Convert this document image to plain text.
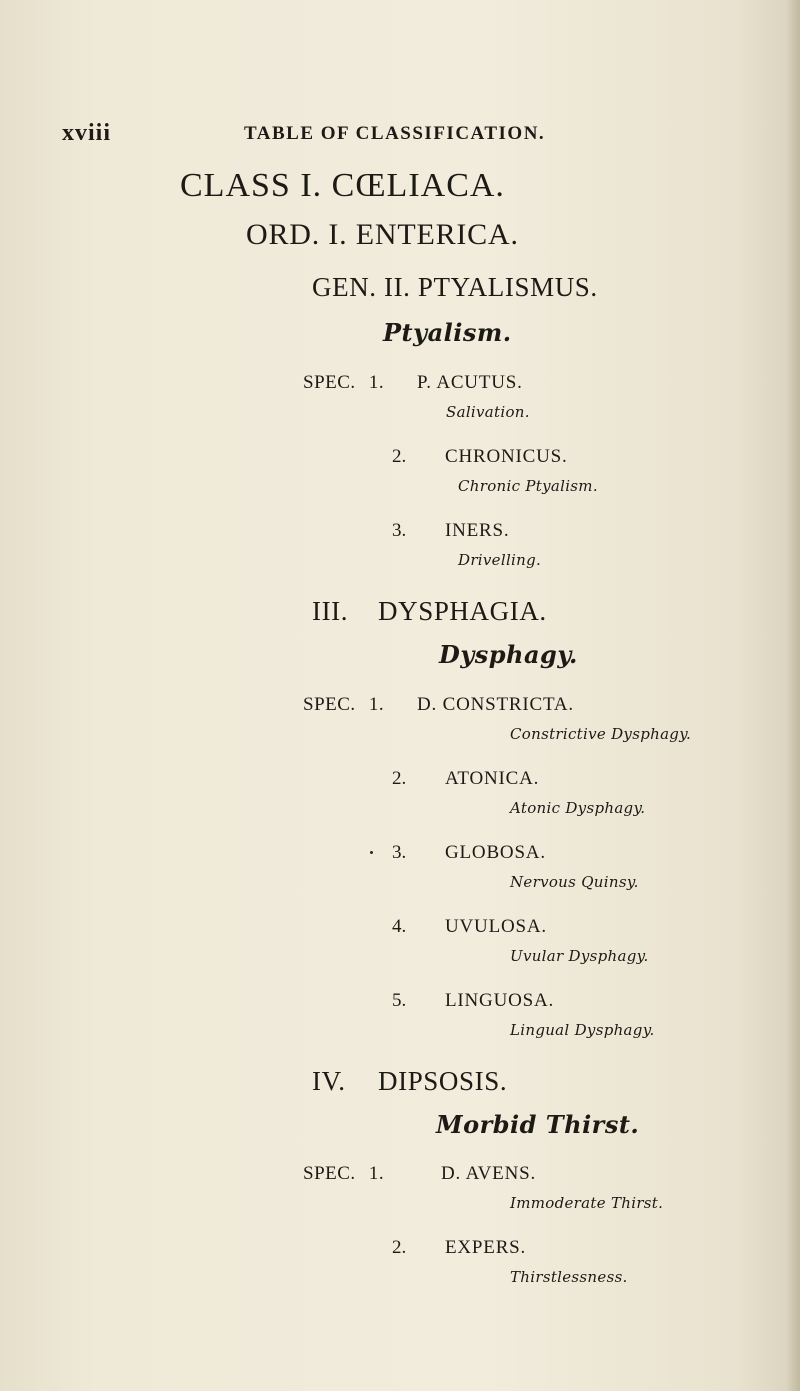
xviii	TABLE OF CLASSIFICATION.
CLASS I. CŒLIACA.
ORD. I. ENTERICA.
GEN. II. PTYALISMUS.
Ptyalism.
SPEC. 1. P. ACUTUS.
Salivation.
2. CHRONICUS.
Chronic Ptyalism.
3. INERS.
Drivelling.
III. DYSPHAGIA.
Dysphagy.
SPEC. 1. D. CONSTRICTA.
Constrictive Dysphagy.
2. ATONICA.
Atonic Dysphagy.
3. GLOBOSA.
Nervous Quinsy.
4. UVULOSA.
Uvular Dysphagy.
5. LINGUOSA.
Lingual Dysphagy.
IV. DIPSOSIS.
Morbid Thirst.
SPEC. 1.	D. AVENS.
Immoderate Thirst.
2. EXPERS.
Thirstlessness.
